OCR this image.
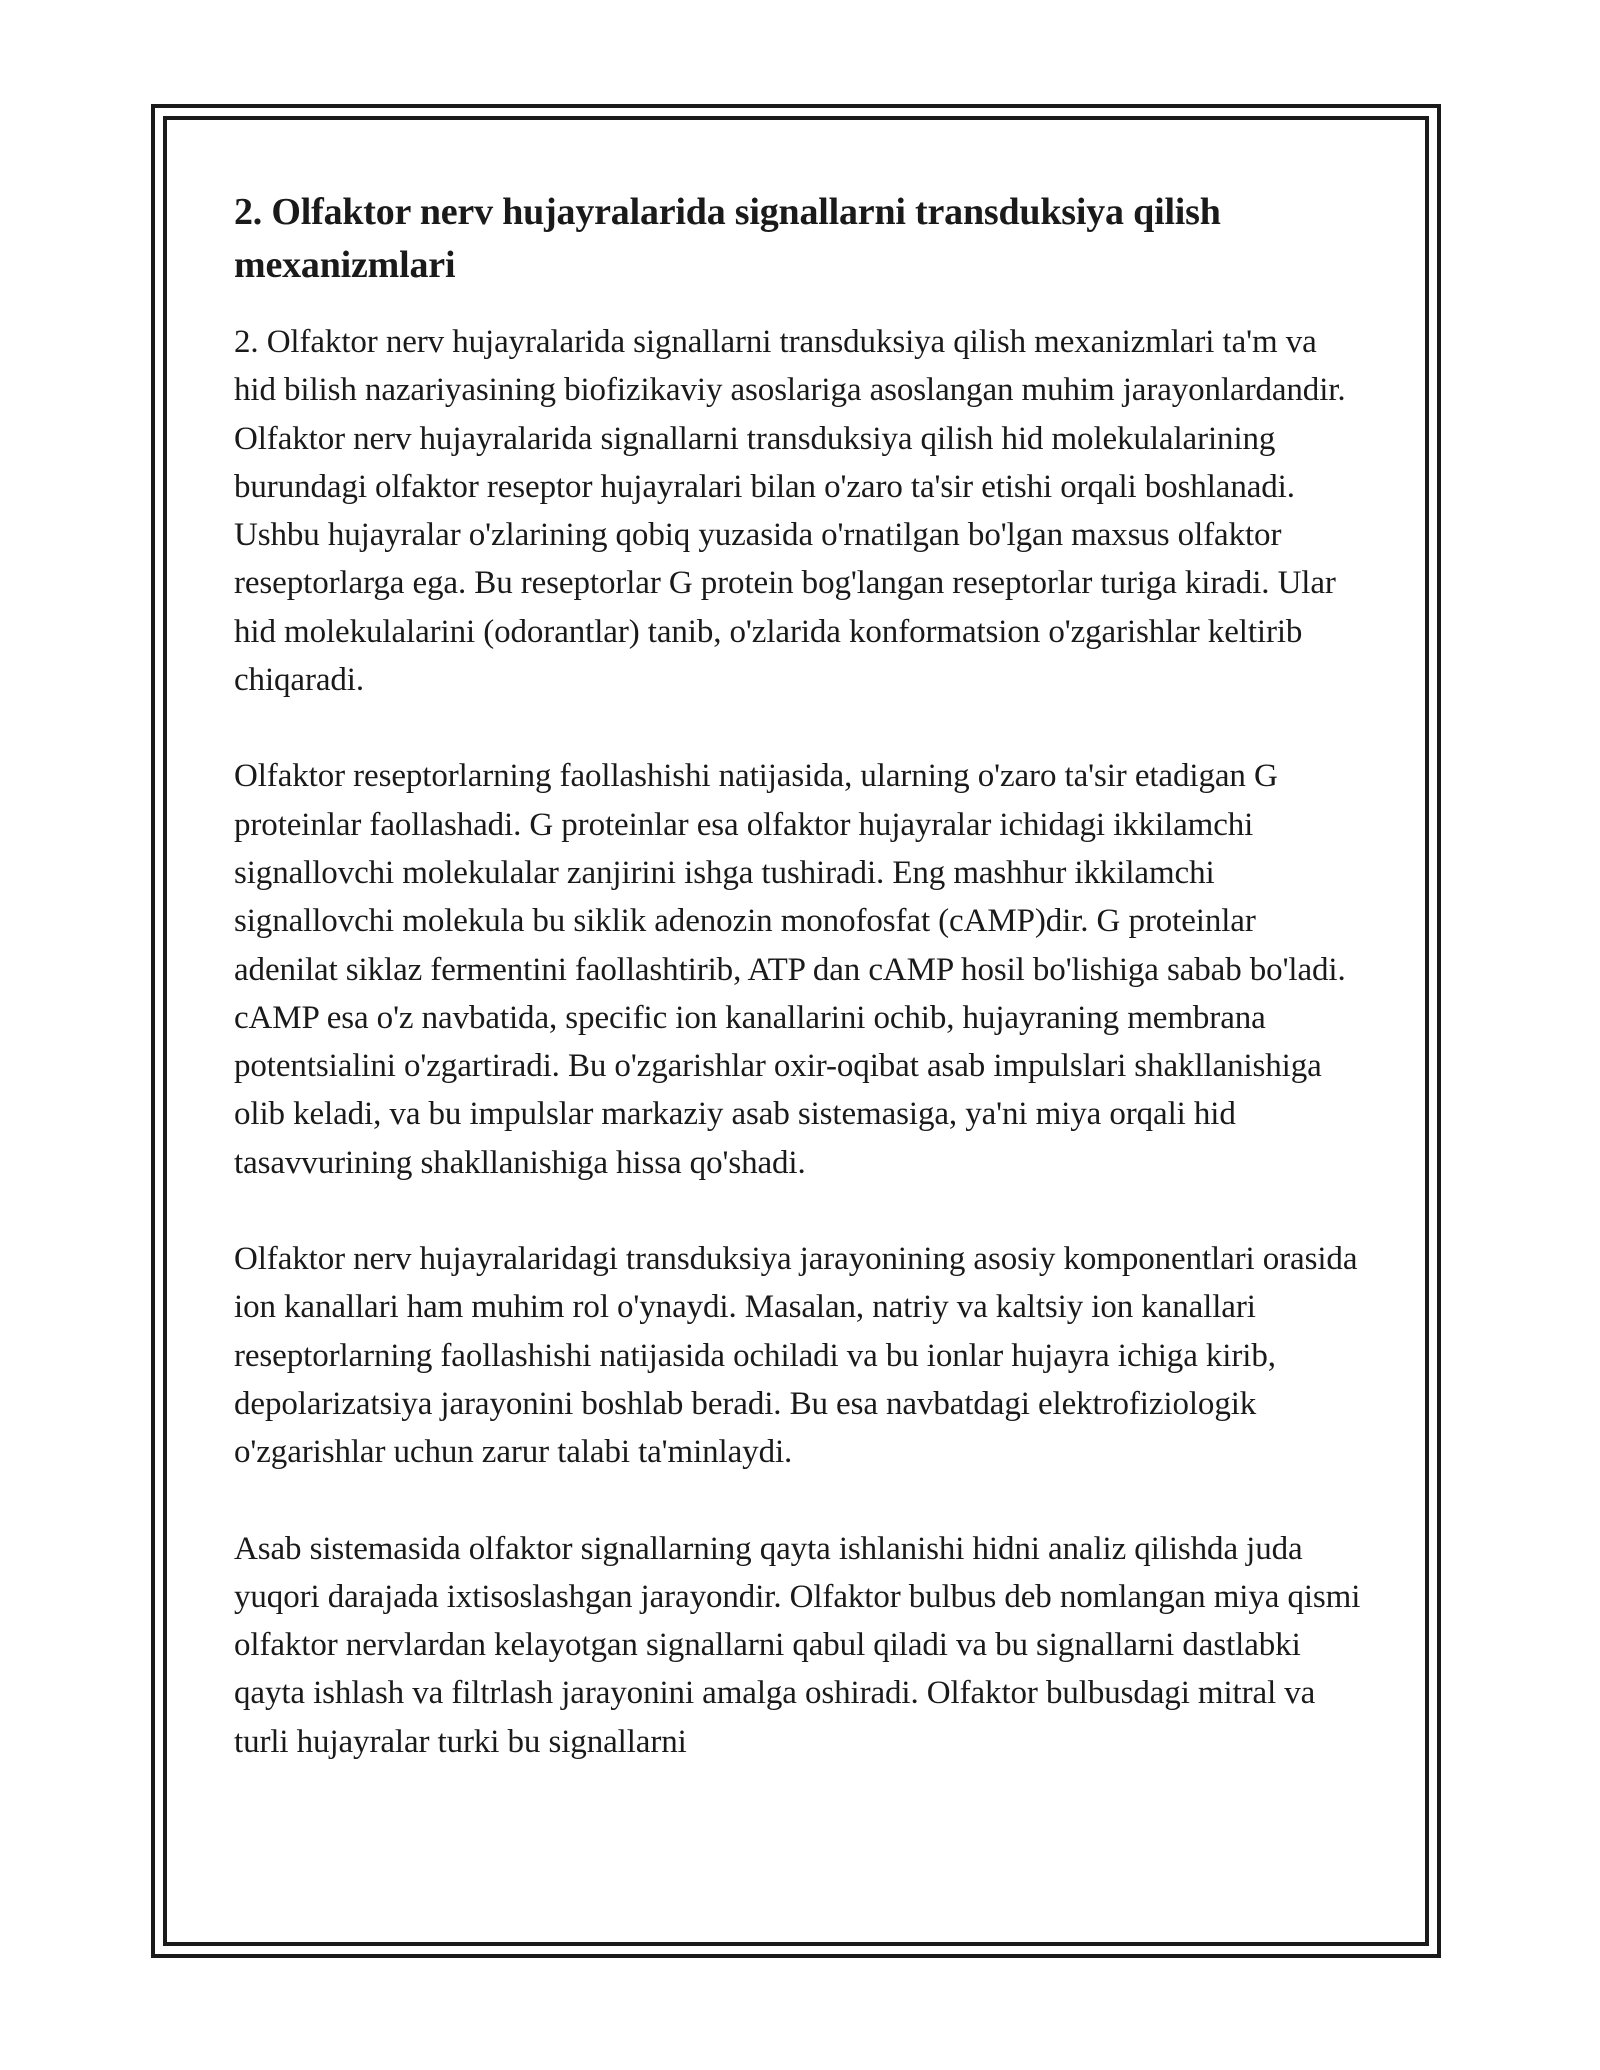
2. Olfaktor nerv hujayralarida signallarni transduksiya qilish mexanizmlari

2. Olfaktor nerv hujayralarida signallarni transduksiya qilish mexanizmlari ta'm va hid bilish nazariyasining biofizikaviy asoslariga asoslangan muhim jarayonlardandir. Olfaktor nerv hujayralarida signallarni transduksiya qilish hid molekulalarining burundagi olfaktor reseptor hujayralari bilan o'zaro ta'sir etishi orqali boshlanadi. Ushbu hujayralar o'zlarining qobiq yuzasida o'rnatilgan bo'lgan maxsus olfaktor reseptorlarga ega. Bu reseptorlar G protein bog'langan reseptorlar turiga kiradi. Ular hid molekulalarini (odorantlar) tanib, o'zlarida konformatsion o'zgarishlar keltirib chiqaradi.

Olfaktor reseptorlarning faollashishi natijasida, ularning o'zaro ta'sir etadigan G proteinlar faollashadi. G proteinlar esa olfaktor hujayralar ichidagi ikkilamchi signallovchi molekulalar zanjirini ishga tushiradi. Eng mashhur ikkilamchi signallovchi molekula bu siklik adenozin monofosfat (cAMP)dir. G proteinlar adenilat siklaz fermentini faollashtirib, ATP dan cAMP hosil bo'lishiga sabab bo'ladi. cAMP esa o'z navbatida, specific ion kanallarini ochib, hujayraning membrana potentsialini o'zgartiradi. Bu o'zgarishlar oxir-oqibat asab impulslari shakllanishiga olib keladi, va bu impulslar markaziy asab sistemasiga, ya'ni miya orqali hid tasavvurining shakllanishiga hissa qo'shadi.

Olfaktor nerv hujayralaridagi transduksiya jarayonining asosiy komponentlari orasida ion kanallari ham muhim rol o'ynaydi. Masalan, natriy va kaltsiy ion kanallari reseptorlarning faollashishi natijasida ochiladi va bu ionlar hujayra ichiga kirib, depolarizatsiya jarayonini boshlab beradi. Bu esa navbatdagi elektrofiziologik o'zgarishlar uchun zarur talabi ta'minlaydi.

Asab sistemasida olfaktor signallarning qayta ishlanishi hidni analiz qilishda juda yuqori darajada ixtisoslashgan jarayondir. Olfaktor bulbus deb nomlangan miya qismi olfaktor nervlardan kelayotgan signallarni qabul qiladi va bu signallarni dastlabki qayta ishlash va filtrlash jarayonini amalga oshiradi. Olfaktor bulbusdagi mitral va turli hujayralar turki bu signallarni
